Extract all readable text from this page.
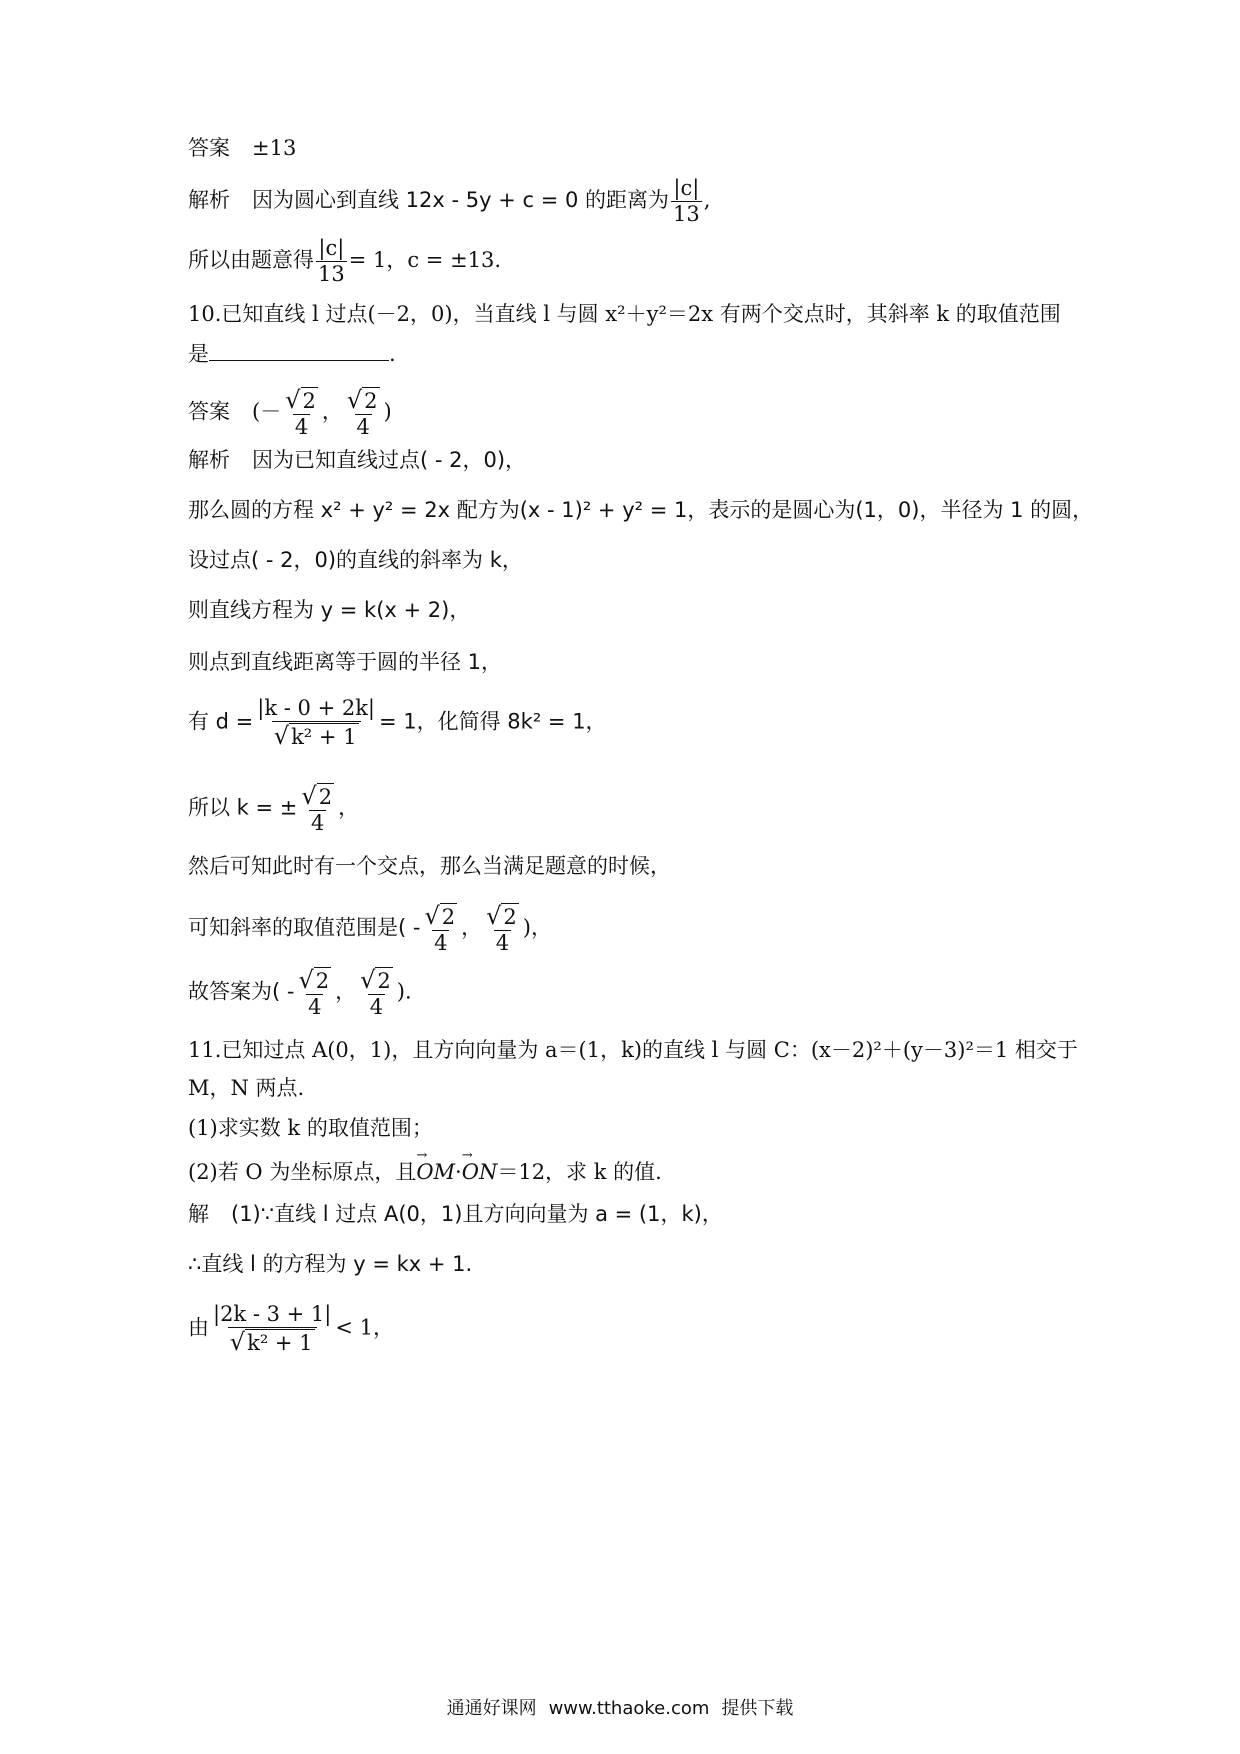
答案 ±13
解析 因为圆心到直线 12x - 5y + c = 0 的距离为 $\frac{|c|}{13}$ ,
所以由题意得 $\frac{|c|}{13} = 1$，c = ±13.
10.已知直线 l 过点(－2，0)，当直线 l 与圆 x²＋y²＝2x 有两个交点时，其斜率 k 的取值范围
是	.
答案 (－ $\frac{√2}{4}$ ， $\frac{√2}{4}$ )
解析 因为已知直线过点( - 2，0)，
那么圆的方程 x² + y² = 2x 配方为(x - 1)² + y² = 1，表示的是圆心为(1，0)，半径为 1 的圆，
设过点( - 2，0)的直线的斜率为 k，
则直线方程为 y = k(x + 2)，
则点到直线距离等于圆的半径 1，
有 $d = \frac{|k - 0 + 2k|}{\text{√k² + 1}} = 1$，化简得 8k² = 1，
所以 k = ± $\frac{√2}{4}$ ，
然后可知此时有一个交点，那么当满足题意的时候，
可知斜率的取值范围是( - $\frac{√2}{4}$ ， $\frac{√2}{4}$ )，
故答案为( - $\frac{√2}{4}$ ， $\frac{√2}{4}$ ).
11.已知过点 A(0，1)，且方向向量为 a＝(1，k)的直线 l 与圆 C：(x－2)²＋(y－3)²＝1 相交于
M，N 两点.
(1)求实数 k 的取值范围；
(2)若 O 为坐标原点，且→ OM·→ ON＝12，求 k 的值.
解 (1)∵直线 l 过点 A(0，1)且方向向量为 a = (1，k)，
∴直线 l 的方程为 y = kx + 1.
由 $\frac{|2k - 3 + 1|}{\text{√k² + 1}} < 1$，
通通好课网 www.tthaoke.com 提供下载
